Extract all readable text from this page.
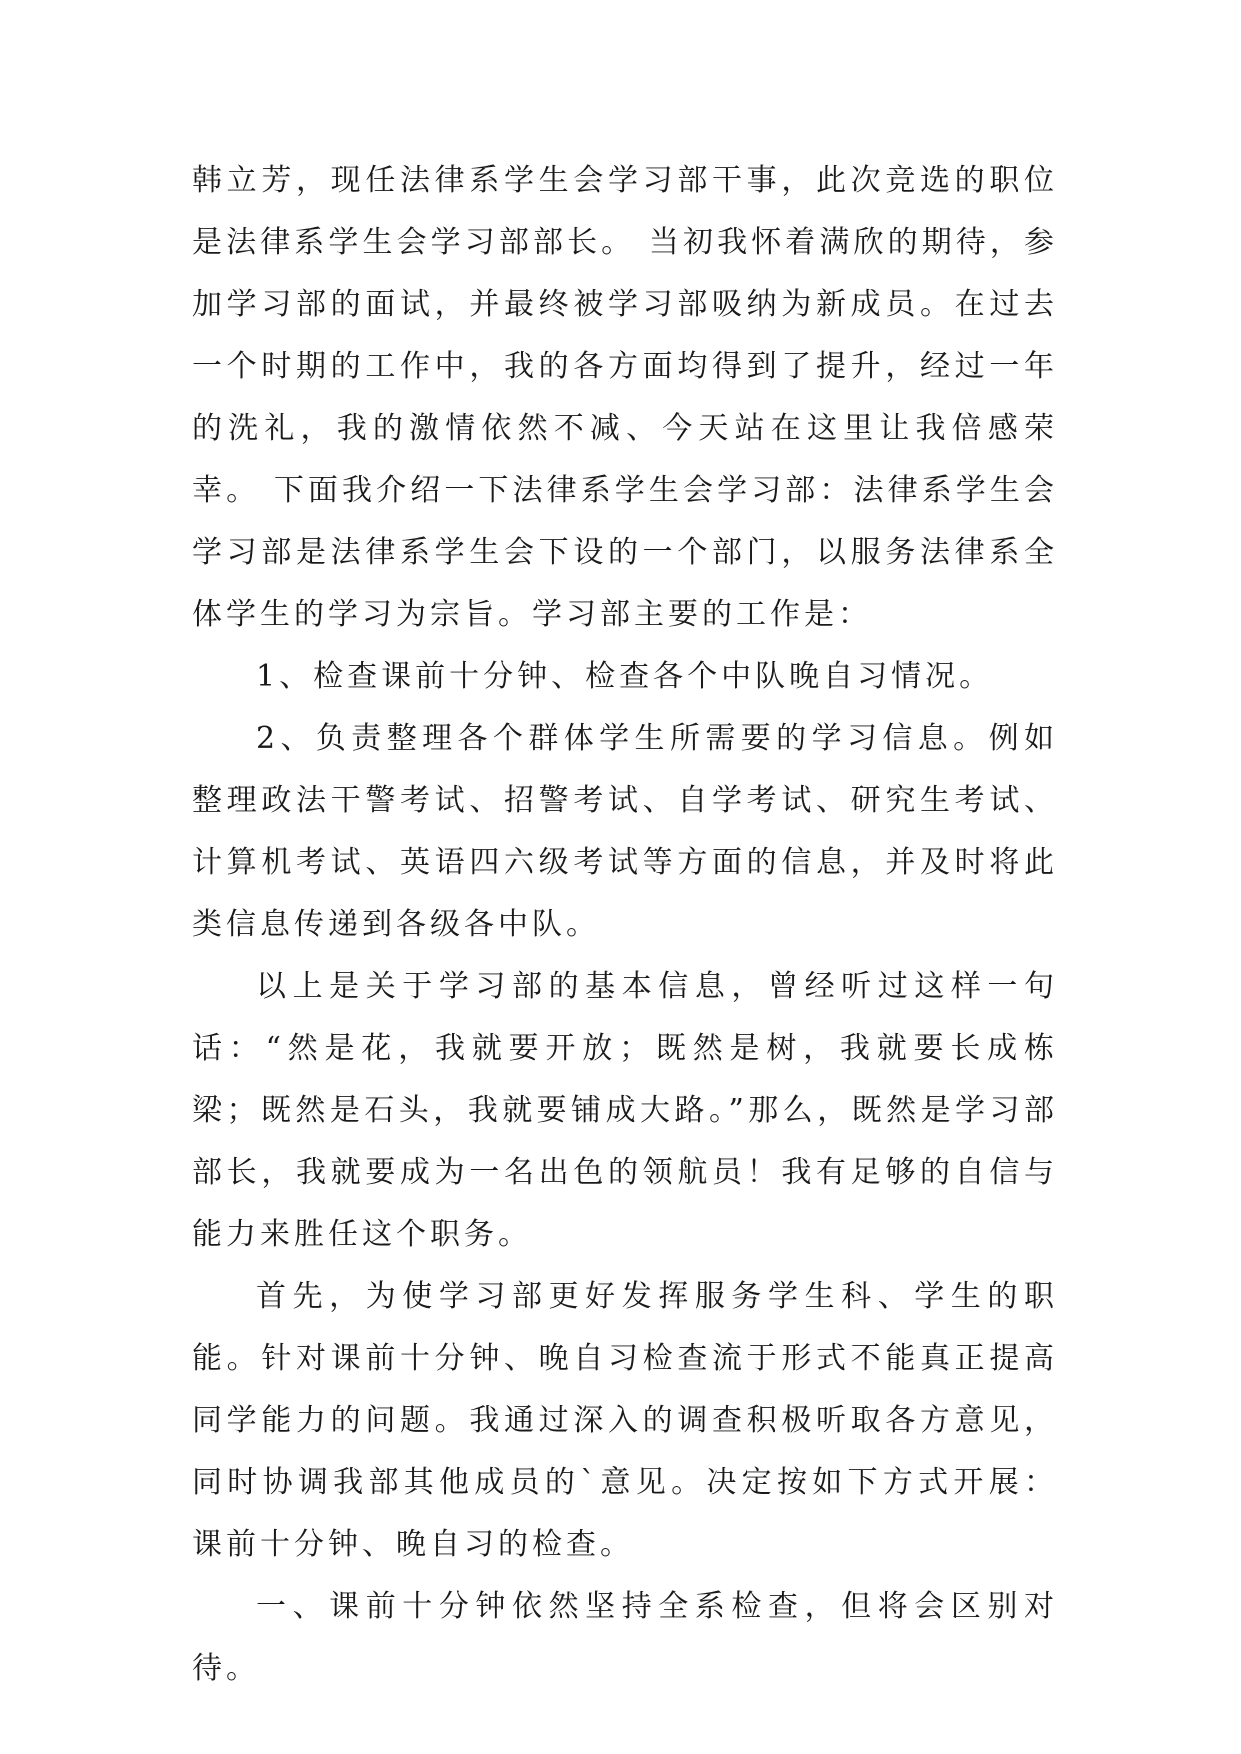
韩立芳，现任法律系学生会学习部干事，此次竞选的职位是法律系学生会学习部部长。 当初我怀着满欣的期待，参加学习部的面试，并最终被学习部吸纳为新成员。在过去一个时期的工作中，我的各方面均得到了提升，经过一年的洗礼，我的激情依然不减、今天站在这里让我倍感荣幸。 下面我介绍一下法律系学生会学习部：法律系学生会学习部是法律系学生会下设的一个部门，以服务法律系全体学生的学习为宗旨。学习部主要的工作是：

1、检查课前十分钟、检查各个中队晚自习情况。

2、负责整理各个群体学生所需要的学习信息。例如整理政法干警考试、招警考试、自学考试、研究生考试、计算机考试、英语四六级考试等方面的信息，并及时将此类信息传递到各级各中队。

以上是关于学习部的基本信息，曾经听过这样一句话：“然是花，我就要开放；既然是树，我就要长成栋梁；既然是石头，我就要铺成大路。”那么，既然是学习部部长，我就要成为一名出色的领航员！我有足够的自信与能力来胜任这个职务。

首先，为使学习部更好发挥服务学生科、学生的职能。针对课前十分钟、晚自习检查流于形式不能真正提高同学能力的问题。我通过深入的调查积极听取各方意见，同时协调我部其他成员的`意见。决定按如下方式开展：课前十分钟、晚自习的检查。

一、课前十分钟依然坚持全系检查，但将会区别对待。
